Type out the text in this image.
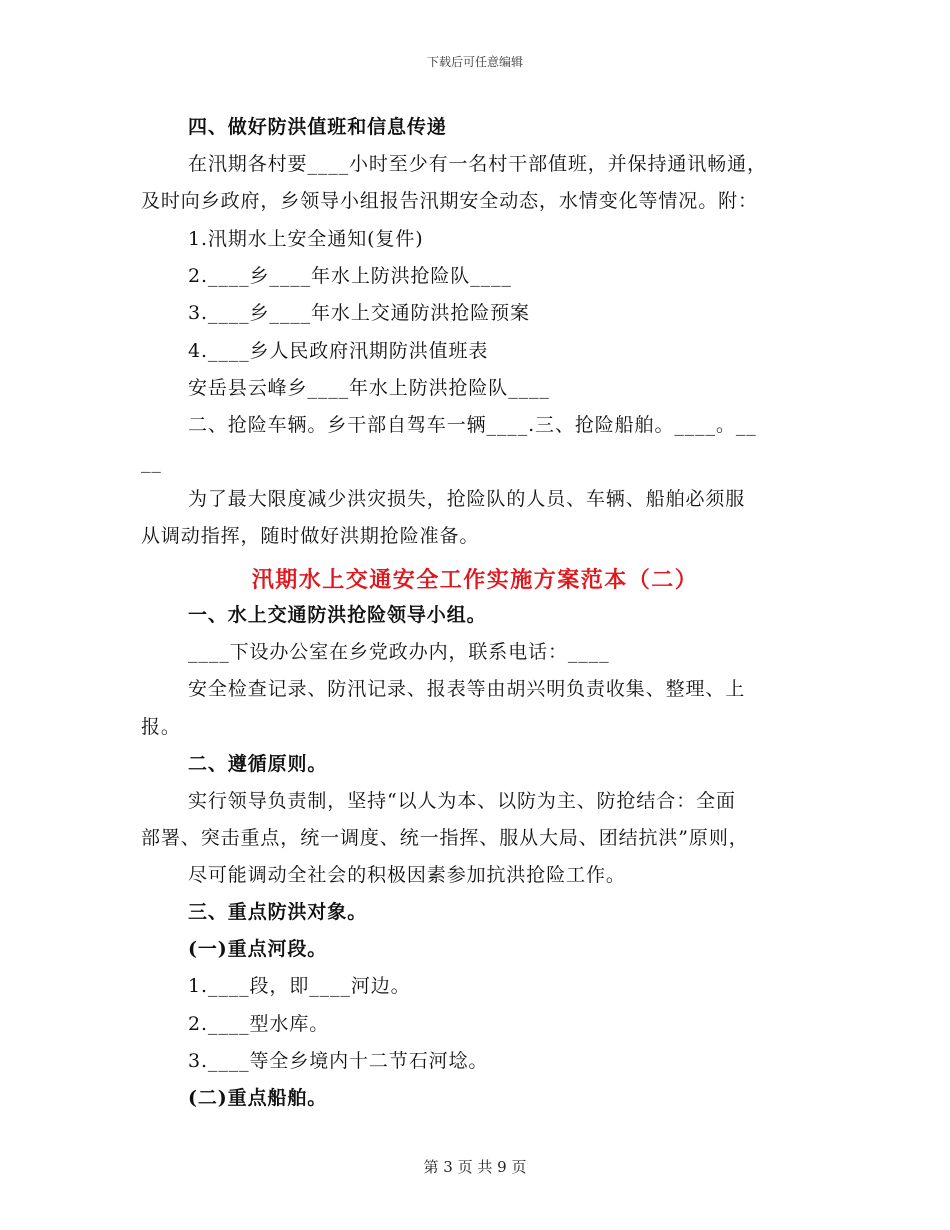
下载后可任意编辑
四、做好防洪值班和信息传递
在汛期各村要____小时至少有一名村干部值班，并保持通讯畅通，
及时向乡政府，乡领导小组报告汛期安全动态，水情变化等情况。附：
1.汛期水上安全通知(复件)
2.____乡____年水上防洪抢险队____
3.____乡____年水上交通防洪抢险预案
4.____乡人民政府汛期防洪值班表
安岳县云峰乡____年水上防洪抢险队____
二、抢险车辆。乡干部自驾车一辆____.三、抢险船舶。____。__
__
为了最大限度减少洪灾损失，抢险队的人员、车辆、船舶必须服
从调动指挥，随时做好洪期抢险准备。
汛期水上交通安全工作实施方案范本（二）
一、水上交通防洪抢险领导小组。
____下设办公室在乡党政办内，联系电话：____
安全检查记录、防汛记录、报表等由胡兴明负责收集、整理、上
报。
二、遵循原则。
实行领导负责制，坚持“以人为本、以防为主、防抢结合：全面
部署、突击重点，统一调度、统一指挥、服从大局、团结抗洪”原则，
尽可能调动全社会的积极因素参加抗洪抢险工作。
三、重点防洪对象。
(一)重点河段。
1.____段，即____河边。
2.____型水库。
3.____等全乡境内十二节石河埝。
(二)重点船舶。
第 3 页 共 9 页
